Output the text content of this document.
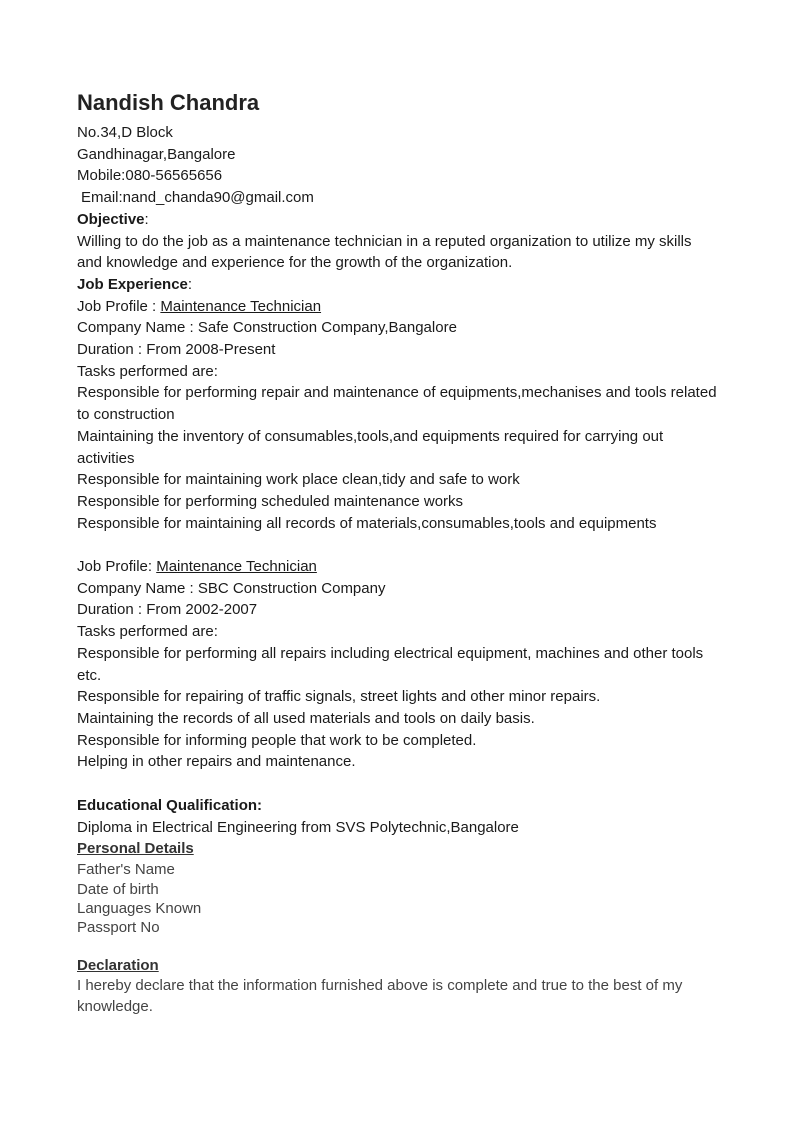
Nandish Chandra

No.34,D Block

Gandhinagar,Bangalore

Mobile:080-56565656

Email:nand_chanda90@gmail.com

Objective:

Willing to do the job as a maintenance technician in a reputed organization to utilize my skills and knowledge and experience for the growth of the organization.

Job Experience:

Job Profile : Maintenance Technician

Company Name : Safe Construction Company,Bangalore

Duration : From 2008-Present

Tasks performed are:

Responsible for performing repair and maintenance of equipments,mechanises and tools related to construction

Maintaining the inventory of consumables,tools,and equipments required for carrying out activities

Responsible for maintaining work place clean,tidy and safe to work

Responsible for performing scheduled maintenance works

Responsible for maintaining all records of materials,consumables,tools and equipments

Job Profile: Maintenance Technician

Company Name : SBC Construction Company

Duration : From 2002-2007

Tasks performed are:

Responsible for performing all repairs including electrical equipment, machines and other tools etc.

Responsible for repairing of traffic signals, street lights and other minor repairs.

Maintaining the records of all used materials and tools on daily basis.

Responsible for informing people that work to be completed.

Helping in other repairs and maintenance.

Educational Qualification:

Diploma in Electrical Engineering from SVS Polytechnic,Bangalore

Personal Details

Father's Name

Date of birth

Languages Known

Passport No

Declaration

I hereby declare that the information furnished above is complete and true to the best of my knowledge.
